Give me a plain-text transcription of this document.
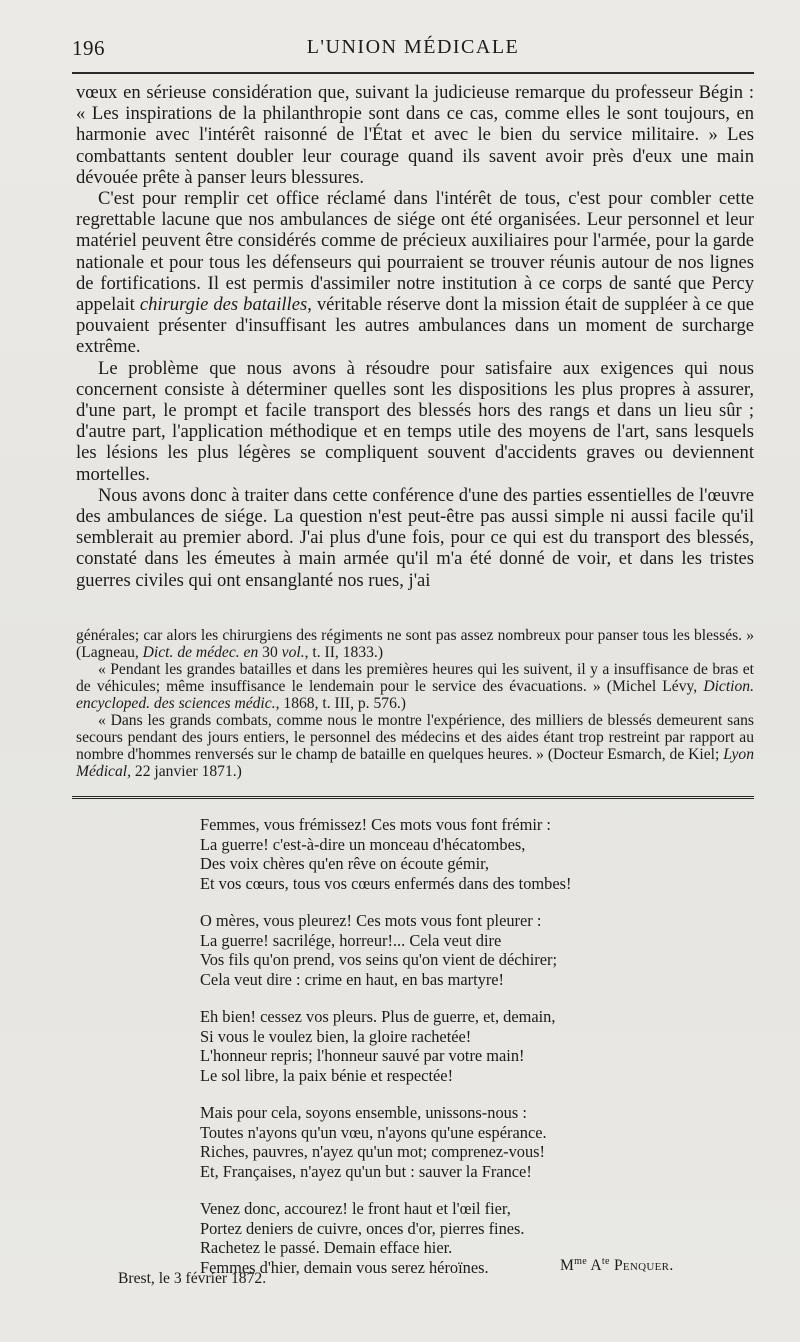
196	L'UNION MÉDICALE

vœux en sérieuse considération que, suivant la judicieuse remarque du professeur Bégin : « Les inspirations de la philanthropie sont dans ce cas, comme elles le sont toujours, en harmonie avec l'intérêt raisonné de l'État et avec le bien du service militaire. » Les combattants sentent doubler leur courage quand ils savent avoir près d'eux une main dévouée prête à panser leurs blessures.

C'est pour remplir cet office réclamé dans l'intérêt de tous, c'est pour combler cette regrettable lacune que nos ambulances de siége ont été organisées. Leur personnel et leur matériel peuvent être considérés comme de précieux auxiliaires pour l'armée, pour la garde nationale et pour tous les défenseurs qui pourraient se trouver réunis autour de nos lignes de fortifications. Il est permis d'assimiler notre institution à ce corps de santé que Percy appelait chirurgie des batailles, véritable réserve dont la mission était de suppléer à ce que pouvaient présenter d'insuffisant les autres ambulances dans un moment de surcharge extrême.

Le problème que nous avons à résoudre pour satisfaire aux exigences qui nous concernent consiste à déterminer quelles sont les dispositions les plus propres à assurer, d'une part, le prompt et facile transport des blessés hors des rangs et dans un lieu sûr ; d'autre part, l'application méthodique et en temps utile des moyens de l'art, sans lesquels les lésions les plus légères se compliquent souvent d'accidents graves ou deviennent mortelles.

Nous avons donc à traiter dans cette conférence d'une des parties essentielles de l'œuvre des ambulances de siége. La question n'est peut-être pas aussi simple ni aussi facile qu'il semblerait au premier abord. J'ai plus d'une fois, pour ce qui est du transport des blessés, constaté dans les émeutes à main armée qu'il m'a été donné de voir, et dans les tristes guerres civiles qui ont ensanglanté nos rues, j'ai

générales; car alors les chirurgiens des régiments ne sont pas assez nombreux pour panser tous les blessés. » (Lagneau, Dict. de médec. en 30 vol., t. II, 1833.)

« Pendant les grandes batailles et dans les premières heures qui les suivent, il y a insuffisance de bras et de véhicules; même insuffisance le lendemain pour le service des évacuations. » (Michel Lévy, Diction. encycloped. des sciences médic., 1868, t. III, p. 576.)

« Dans les grands combats, comme nous le montre l'expérience, des milliers de blessés demeurent sans secours pendant des jours entiers, le personnel des médecins et des aides étant trop restreint par rapport au nombre d'hommes renversés sur le champ de bataille en quelques heures. » (Docteur Esmarch, de Kiel; Lyon Médical, 22 janvier 1871.)

Femmes, vous frémissez! Ces mots vous font frémir :
La guerre! c'est-à-dire un monceau d'hécatombes,
Des voix chères qu'en rêve on écoute gémir,
Et vos cœurs, tous vos cœurs enfermés dans des tombes!
O mères, vous pleurez! Ces mots vous font pleurer :
La guerre! sacrilége, horreur!... Cela veut dire
Vos fils qu'on prend, vos seins qu'on vient de déchirer;
Cela veut dire : crime en haut, en bas martyre!
Eh bien! cessez vos pleurs. Plus de guerre, et, demain,
Si vous le voulez bien, la gloire rachetée!
L'honneur repris; l'honneur sauvé par votre main!
Le sol libre, la paix bénie et respectée!
Mais pour cela, soyons ensemble, unissons-nous :
Toutes n'ayons qu'un vœu, n'ayons qu'une espérance.
Riches, pauvres, n'ayez qu'un mot; comprenez-vous!
Et, Françaises, n'ayez qu'un but : sauver la France!
Venez donc, accourez! le front haut et l'œil fier,
Portez deniers de cuivre, onces d'or, pierres fines.
Rachetez le passé. Demain efface hier.
Femmes d'hier, demain vous serez héroïnes.	$M^{me}$ $A^{te}$ Penquer.
Brest, le 3 février 1872.
